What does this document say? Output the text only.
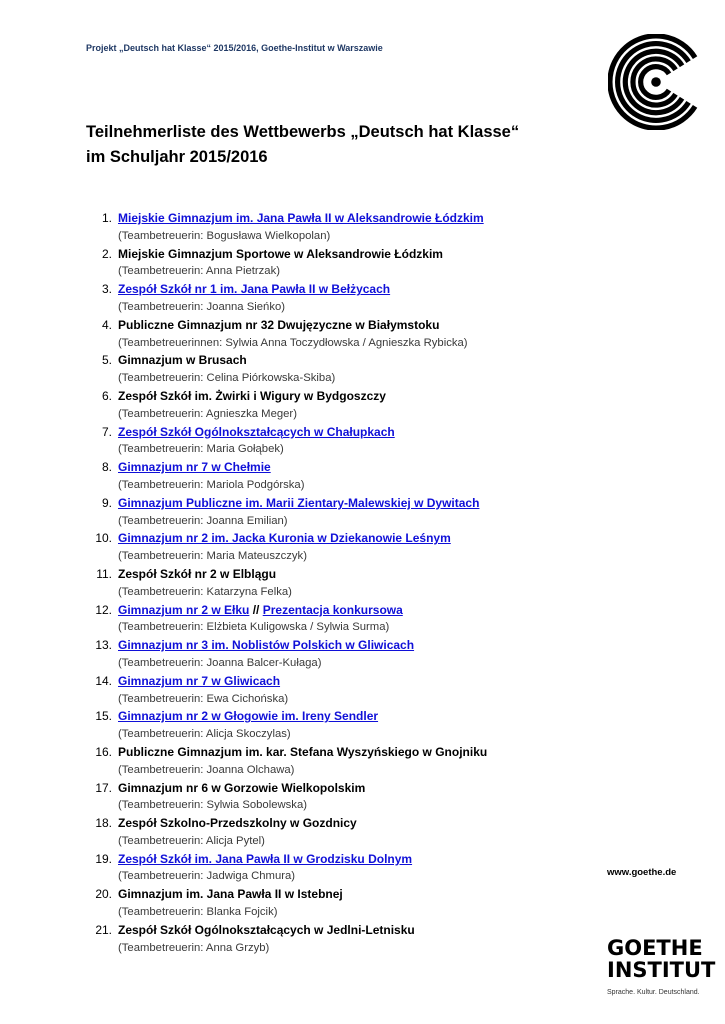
Projekt „Deutsch hat Klasse“ 2015/2016, Goethe-Institut w Warszawie
Teilnehmerliste des Wettbewerbs „Deutsch hat Klasse“
im Schuljahr 2015/2016
1. Miejskie Gimnazjum im. Jana Pawła II w Aleksandrowie Łódzkim
(Teambetreuerin: Bogusława Wielkopolan)
2. Miejskie Gimnazjum Sportowe w Aleksandrowie Łódzkim
(Teambetreuerin: Anna Pietrzak)
3. Zespół Szkół nr 1 im. Jana Pawła II w Bełżycach
(Teambetreuerin: Joanna Sieńko)
4. Publiczne Gimnazjum nr 32 Dwujęzyczne w Białymstoku
(Teambetreuerinnen: Sylwia Anna Toczydłowska / Agnieszka Rybicka)
5. Gimnazjum w Brusach
(Teambetreuerin: Celina Piórkowska-Skiba)
6. Zespół Szkół im. Żwirki i Wigury w Bydgoszczy
(Teambetreuerin: Agnieszka Meger)
7. Zespół Szkół Ogólnokształcących w Chałupkach
(Teambetreuerin: Maria Gołąbek)
8. Gimnazjum nr 7 w Chełmie
(Teambetreuerin: Mariola Podgórska)
9. Gimnazjum Publiczne im. Marii Zientary-Malewskiej w Dywitach
(Teambetreuerin: Joanna Emilian)
10. Gimnazjum nr 2 im. Jacka Kuronia w Dziekanowie Leśnym
(Teambetreuerin: Maria Mateuszczyk)
11. Zespół Szkół nr 2 w Elblągu
(Teambetreuerin: Katarzyna Felka)
12. Gimnazjum nr 2 w Ełku // Prezentacja konkursowa
(Teambetreuerin: Elżbieta Kuligowska / Sylwia Surma)
13. Gimnazjum nr 3 im. Noblistów Polskich w Gliwicach
(Teambetreuerin: Joanna Balcer-Kułaga)
14. Gimnazjum nr 7 w Gliwicach
(Teambetreuerin: Ewa Cichońska)
15. Gimnazjum nr 2 w Głogowie im. Ireny Sendler
(Teambetreuerin: Alicja Skoczylas)
16. Publiczne Gimnazjum im. kar. Stefana Wyszyńskiego w Gnojniku
(Teambetreuerin: Joanna Olchawa)
17. Gimnazjum nr 6 w Gorzowie Wielkopolskim
(Teambetreuerin: Sylwia Sobolewska)
18. Zespół Szkolno-Przedszkolny w Gozdnicy
(Teambetreuerin: Alicja Pytel)
19. Zespół Szkół im. Jana Pawła II w Grodzisku Dolnym
(Teambetreuerin: Jadwiga Chmura)
20. Gimnazjum im. Jana Pawła II w Istebnej
(Teambetreuerin: Blanka Fojcik)
21. Zespół Szkół Ogólnokształcących w Jedlni-Letnisku
(Teambetreuerin: Anna Grzyb)
www.goethe.de
GOETHE
INSTITUT
Sprache. Kultur. Deutschland.
